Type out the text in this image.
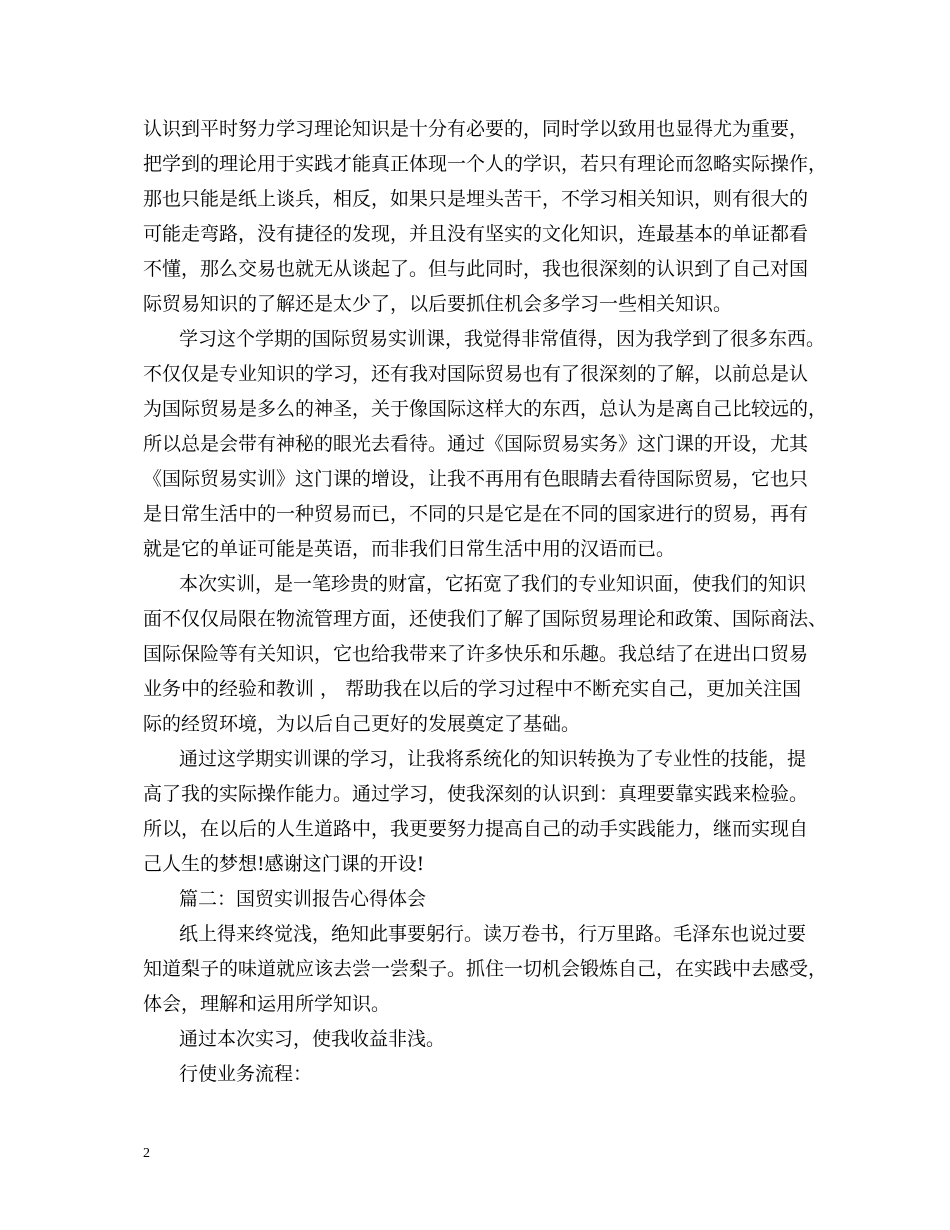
认识到平时努力学习理论知识是十分有必要的，同时学以致用也显得尤为重要，
把学到的理论用于实践才能真正体现一个人的学识，若只有理论而忽略实际操作，
那也只能是纸上谈兵，相反，如果只是埋头苦干，不学习相关知识，则有很大的
可能走弯路，没有捷径的发现，并且没有坚实的文化知识，连最基本的单证都看
不懂，那么交易也就无从谈起了。但与此同时，我也很深刻的认识到了自己对国
际贸易知识的了解还是太少了，以后要抓住机会多学习一些相关知识。

学习这个学期的国际贸易实训课，我觉得非常值得，因为我学到了很多东西。
不仅仅是专业知识的学习，还有我对国际贸易也有了很深刻的了解，以前总是认
为国际贸易是多么的神圣，关于像国际这样大的东西，总认为是离自己比较远的，
所以总是会带有神秘的眼光去看待。通过《国际贸易实务》这门课的开设，尤其
《国际贸易实训》这门课的增设，让我不再用有色眼睛去看待国际贸易，它也只
是日常生活中的一种贸易而已，不同的只是它是在不同的国家进行的贸易，再有
就是它的单证可能是英语，而非我们日常生活中用的汉语而已。

本次实训，是一笔珍贵的财富，它拓宽了我们的专业知识面，使我们的知识
面不仅仅局限在物流管理方面，还使我们了解了国际贸易理论和政策、国际商法、
国际保险等有关知识，它也给我带来了许多快乐和乐趣。我总结了在进出口贸易
业务中的经验和教训 ， 帮助我在以后的学习过程中不断充实自己，更加关注国
际的经贸环境，为以后自己更好的发展奠定了基础。

通过这学期实训课的学习，让我将系统化的知识转换为了专业性的技能，提
高了我的实际操作能力。通过学习，使我深刻的认识到：真理要靠实践来检验。
所以，在以后的人生道路中，我更要努力提高自己的动手实践能力，继而实现自
己人生的梦想!感谢这门课的开设!

篇二：国贸实训报告心得体会

纸上得来终觉浅，绝知此事要躬行。读万卷书，行万里路。毛泽东也说过要
知道梨子的味道就应该去尝一尝梨子。抓住一切机会锻炼自己，在实践中去感受，
体会，理解和运用所学知识。

通过本次实习，使我收益非浅。

行使业务流程：

2
